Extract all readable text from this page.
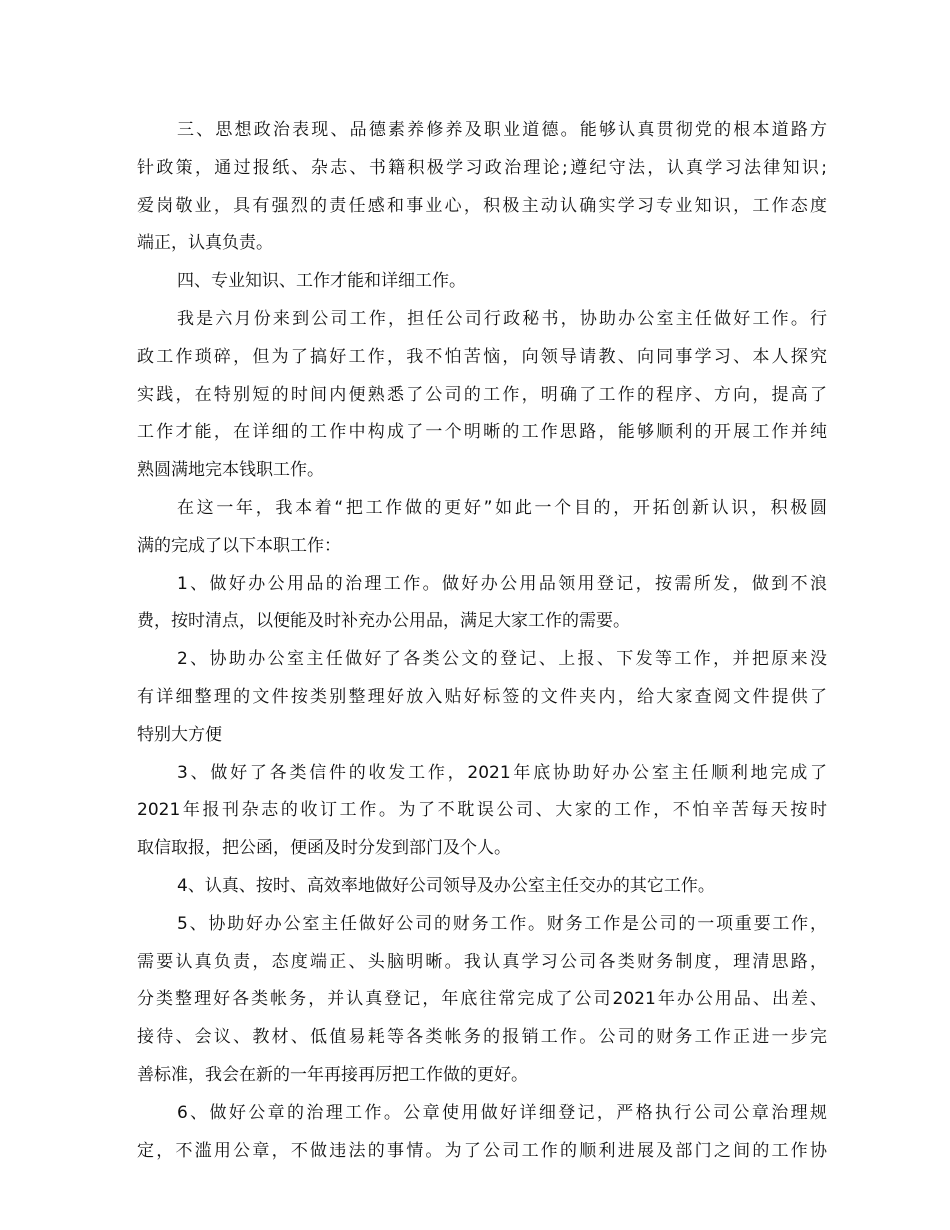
三、思想政治表现、品德素养修养及职业道德。能够认真贯彻党的根本道路方
针政策，通过报纸、杂志、书籍积极学习政治理论;遵纪守法，认真学习法律知识;
爱岗敬业，具有强烈的责任感和事业心，积极主动认确实学习专业知识，工作态度
端正，认真负责。
四、专业知识、工作才能和详细工作。
我是六月份来到公司工作，担任公司行政秘书，协助办公室主任做好工作。行
政工作琐碎，但为了搞好工作，我不怕苦恼，向领导请教、向同事学习、本人探究
实践，在特别短的时间内便熟悉了公司的工作，明确了工作的程序、方向，提高了
工作才能，在详细的工作中构成了一个明晰的工作思路，能够顺利的开展工作并纯
熟圆满地完本钱职工作。
在这一年，我本着“把工作做的更好”如此一个目的，开拓创新认识，积极圆
满的完成了以下本职工作：
1、做好办公用品的治理工作。做好办公用品领用登记，按需所发，做到不浪
费，按时清点，以便能及时补充办公用品，满足大家工作的需要。
2、协助办公室主任做好了各类公文的登记、上报、下发等工作，并把原来没
有详细整理的文件按类别整理好放入贴好标签的文件夹内，给大家查阅文件提供了
特别大方便
3、做好了各类信件的收发工作，2021年底协助好办公室主任顺利地完成了
2021年报刊杂志的收订工作。为了不耽误公司、大家的工作，不怕辛苦每天按时
取信取报，把公函，便函及时分发到部门及个人。
4、认真、按时、高效率地做好公司领导及办公室主任交办的其它工作。
5、协助好办公室主任做好公司的财务工作。财务工作是公司的一项重要工作，
需要认真负责，态度端正、头脑明晰。我认真学习公司各类财务制度，理清思路，
分类整理好各类帐务，并认真登记，年底往常完成了公司2021年办公用品、出差、
接待、会议、教材、低值易耗等各类帐务的报销工作。公司的财务工作正进一步完
善标准，我会在新的一年再接再厉把工作做的更好。
6、做好公章的治理工作。公章使用做好详细登记，严格执行公司公章治理规
定，不滥用公章，不做违法的事情。为了公司工作的顺利进展及部门之间的工作协
